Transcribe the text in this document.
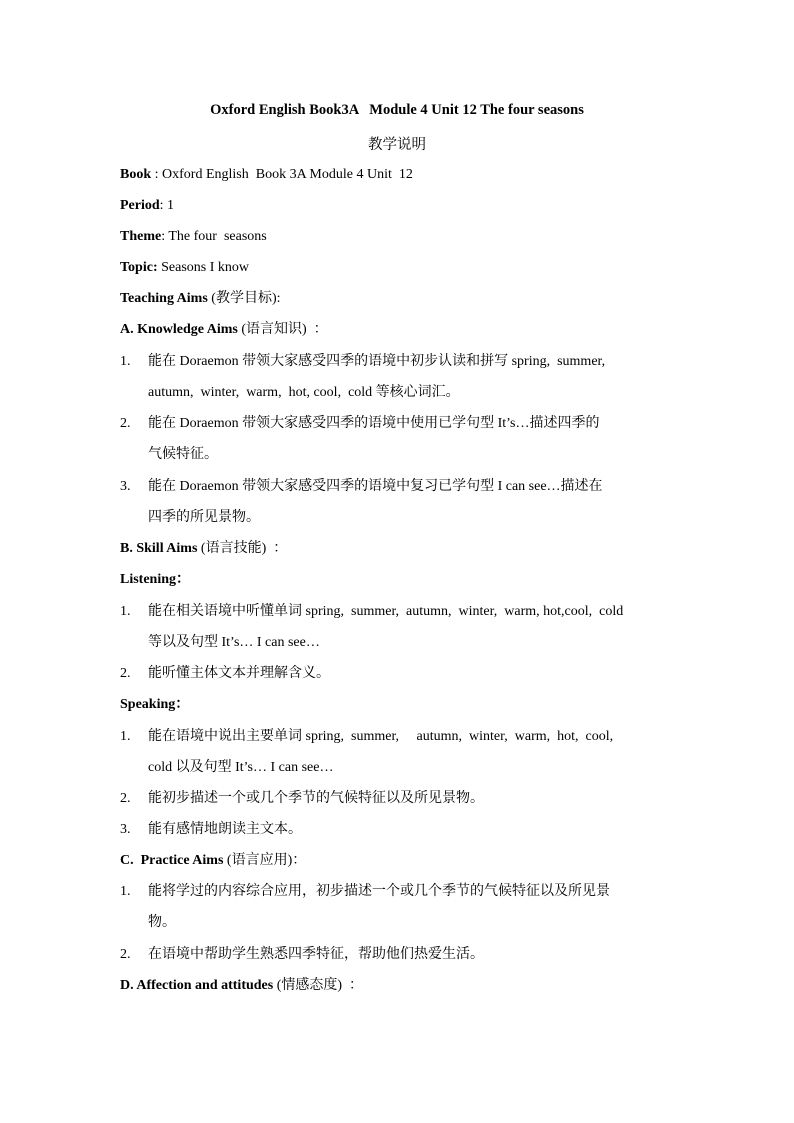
Oxford English Book3A   Module 4 Unit 12 The four seasons
教学说明
Book : Oxford English  Book 3A Module 4 Unit  12
Period: 1
Theme: The four  seasons
Topic: Seasons I know
Teaching Aims (教学目标):
A. Knowledge Aims (语言知识)  ：
1. 能在 Doraemon 带领大家感受四季的语境中初步认读和拼写 spring,  summer,
autumn,  winter,  warm,  hot, cool,  cold 等核心词汇。
2. 能在 Doraemon 带领大家感受四季的语境中使用已学句型 It’s…描述四季的
气候特征。
3. 能在 Doraemon 带领大家感受四季的语境中复习已学句型 I can see…描述在
四季的所见景物。
B. Skill Aims (语言技能)  ：
Listening：
1. 能在相关语境中听懂单词 spring,  summer,  autumn,  winter,  warm, hot,cool,  cold
等以及句型 It’s… I can see…
2. 能听懂主体文本并理解含义。
Speaking：
1. 能在语境中说出主要单词 spring,  summer,     autumn,  winter,  warm,  hot,  cool,
cold 以及句型 It’s… I can see…
2. 能初步描述一个或几个季节的气候特征以及所见景物。
3. 能有感情地朗读主文本。
C.  Practice Aims (语言应用)：
1. 能将学过的内容综合应用，初步描述一个或几个季节的气候特征以及所见景
物。
2. 在语境中帮助学生熟悉四季特征，帮助他们热爱生活。
D. Affection and attitudes (情感态度)  ：
